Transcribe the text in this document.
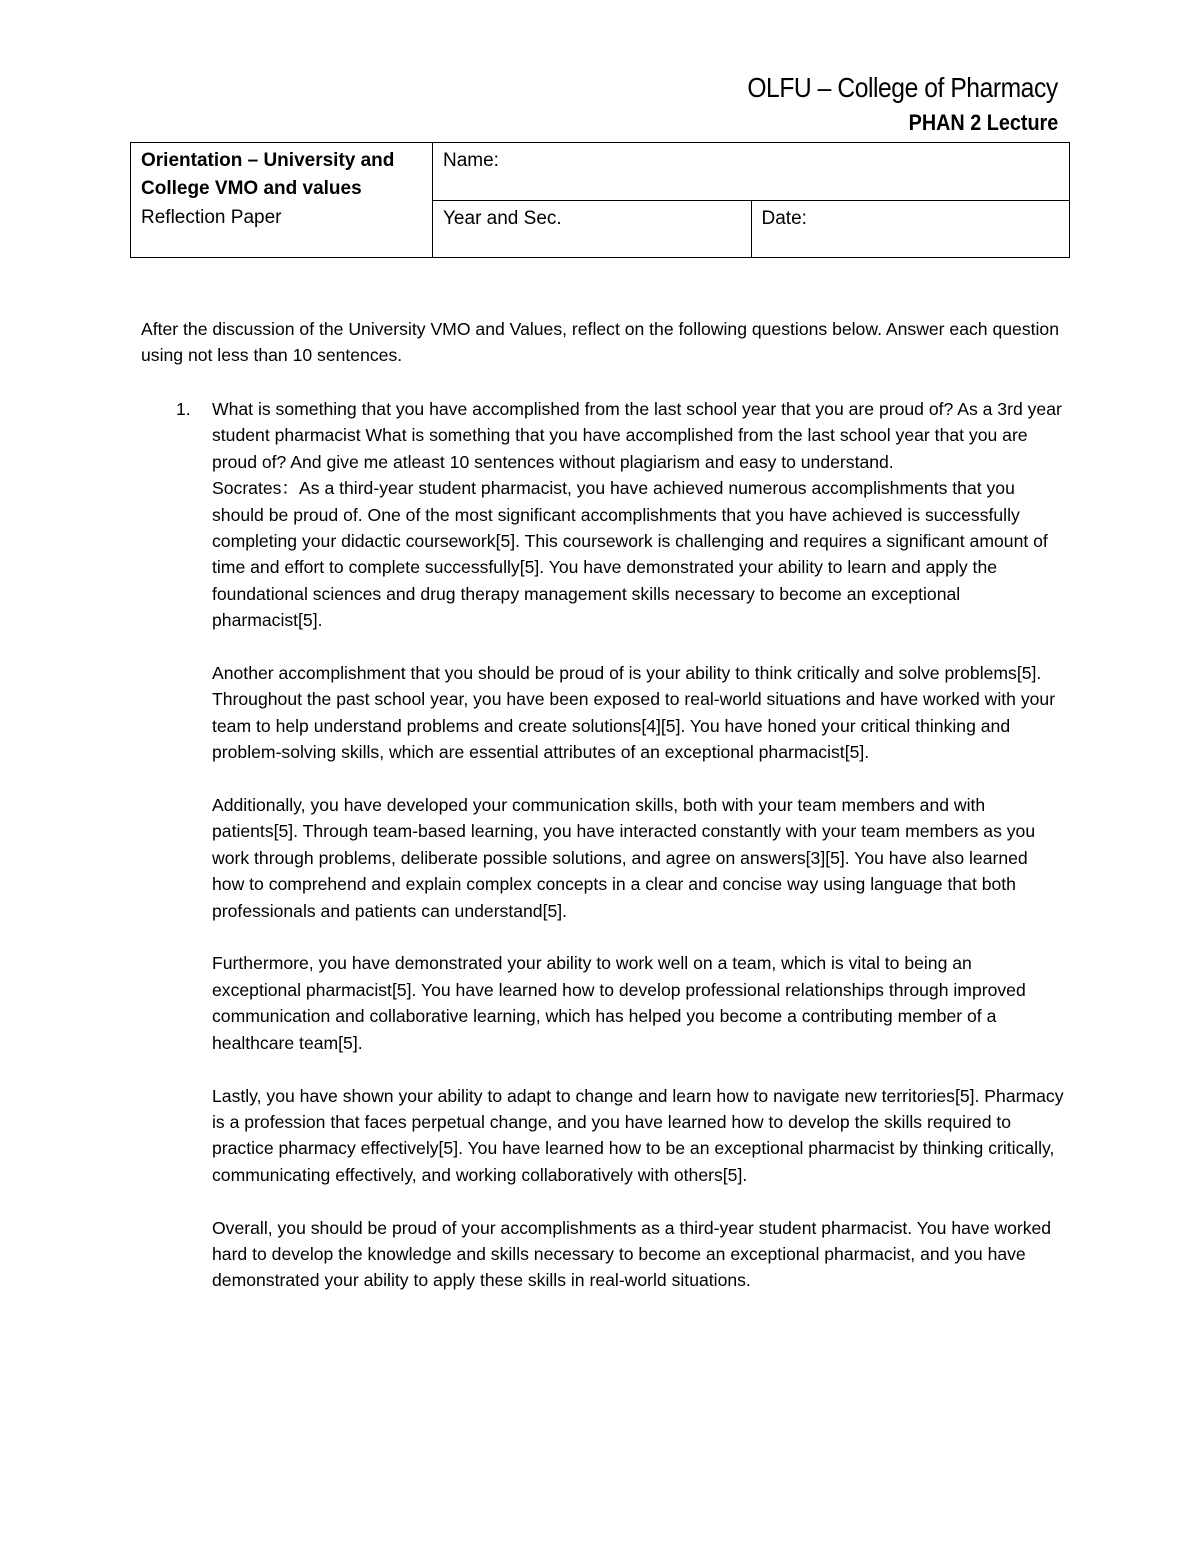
OLFU – College of Pharmacy
PHAN 2 Lecture
Orientation – University and College VMO and values
Reflection Paper	Name:	
	Year and Sec.	Date:

After the discussion of the University VMO and Values, reflect on the following questions below. Answer each question using not less than 10 sentences.

1. What is something that you have accomplished from the last school year that you are proud of? As a 3rd year student pharmacist What is something that you have accomplished from the last school year that you are proud of? And give me atleast 10 sentences without plagiarism and easy to understand.

Socrates：As a third-year student pharmacist, you have achieved numerous accomplishments that you should be proud of. One of the most significant accomplishments that you have achieved is successfully completing your didactic coursework[5]. This coursework is challenging and requires a significant amount of time and effort to complete successfully[5]. You have demonstrated your ability to learn and apply the foundational sciences and drug therapy management skills necessary to become an exceptional pharmacist[5].

Another accomplishment that you should be proud of is your ability to think critically and solve problems[5]. Throughout the past school year, you have been exposed to real-world situations and have worked with your team to help understand problems and create solutions[4][5]. You have honed your critical thinking and problem-solving skills, which are essential attributes of an exceptional pharmacist[5].

Additionally, you have developed your communication skills, both with your team members and with patients[5]. Through team-based learning, you have interacted constantly with your team members as you work through problems, deliberate possible solutions, and agree on answers[3][5]. You have also learned how to comprehend and explain complex concepts in a clear and concise way using language that both professionals and patients can understand[5].

Furthermore, you have demonstrated your ability to work well on a team, which is vital to being an exceptional pharmacist[5]. You have learned how to develop professional relationships through improved communication and collaborative learning, which has helped you become a contributing member of a healthcare team[5].

Lastly, you have shown your ability to adapt to change and learn how to navigate new territories[5]. Pharmacy is a profession that faces perpetual change, and you have learned how to develop the skills required to practice pharmacy effectively[5]. You have learned how to be an exceptional pharmacist by thinking critically, communicating effectively, and working collaboratively with others[5].

Overall, you should be proud of your accomplishments as a third-year student pharmacist. You have worked hard to develop the knowledge and skills necessary to become an exceptional pharmacist, and you have demonstrated your ability to apply these skills in real-world situations.
